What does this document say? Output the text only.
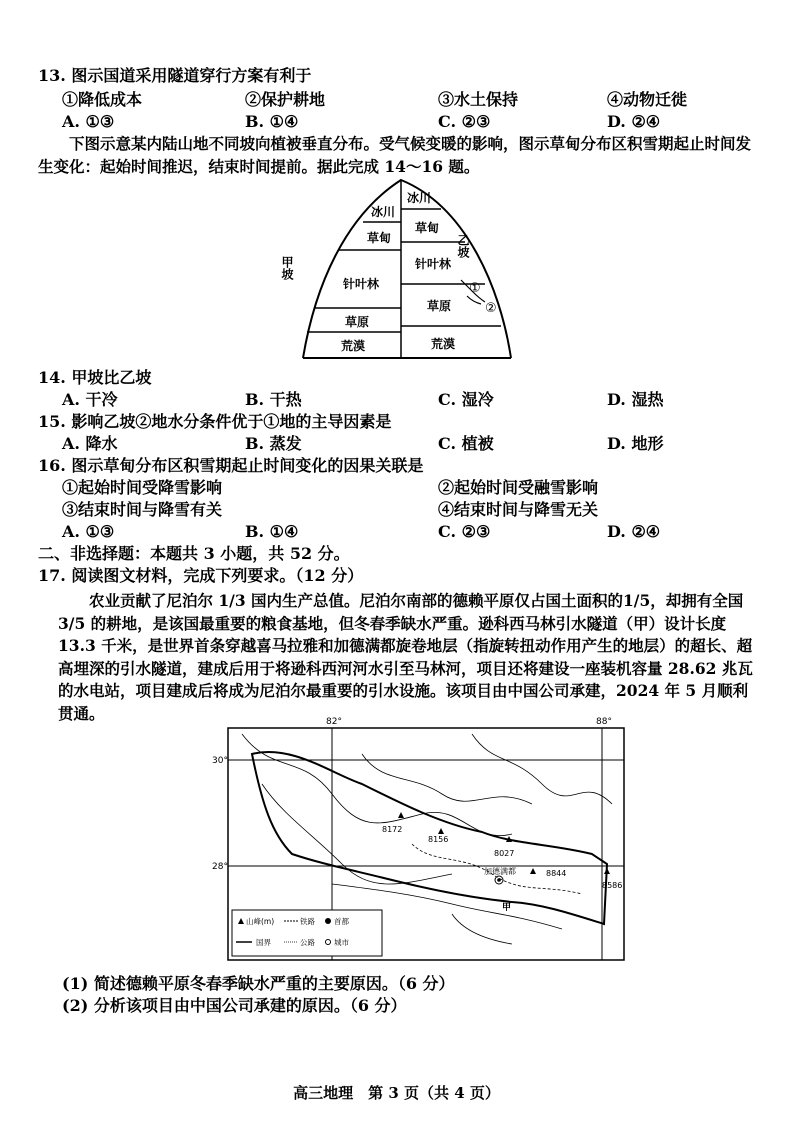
13. 图示国道采用隧道穿行方案有利于
①降低成本	②保护耕地	③水土保持	④动物迁徙
A. ①③	B. ①④	C. ②③	D. ②④
下图示意某内陆山地不同坡向植被垂直分布。受气候变暖的影响，图示草甸分布区积雪期起止时间发生变化：起始时间推迟，结束时间提前。据此完成 14～16 题。
冰川
草甸
针叶林
草原
荒漠
冰川
草甸
针叶林
草原
荒漠
甲坡
乙坡
①
②
14. 甲坡比乙坡
A. 干冷	B. 干热	C. 湿冷	D. 湿热
15. 影响乙坡②地水分条件优于①地的主导因素是
A. 降水	B. 蒸发	C. 植被	D. 地形
16. 图示草甸分布区积雪期起止时间变化的因果关联是
①起始时间受降雪影响	②起始时间受融雪影响
③结束时间与降雪有关	④结束时间与降雪无关
A. ①③	B. ①④	C. ②③	D. ②④
二、非选择题：本题共 3 小题，共 52 分。
17. 阅读图文材料，完成下列要求。（12 分）
农业贡献了尼泊尔 1/3 国内生产总值。尼泊尔南部的德赖平原仅占国土面积的1/5，却拥有全国 3/5 的耕地，是该国最重要的粮食基地，但冬春季缺水严重。逊科西马林引水隧道（甲）设计长度 13.3 千米，是世界首条穿越喜马拉雅和加德满都旋卷地层（指旋转扭动作用产生的地层）的超长、超高埋深的引水隧道，建成后用于将逊科西河河水引至马林河，项目还将建设一座装机容量 28.62 兆瓦的水电站，项目建成后将成为尼泊尔最重要的引水设施。该项目由中国公司承建，2024 年 5 月顺利贯通。	82°	88°
30°
28°
8172
8156
8027
8844
8586
加德满都
甲
山峰(m)	铁路	首都
国界	公路	城市
(1) 简述德赖平原冬春季缺水严重的主要原因。（6 分）
(2) 分析该项目由中国公司承建的原因。（6 分）
高三地理　第 3 页（共 4 页）
